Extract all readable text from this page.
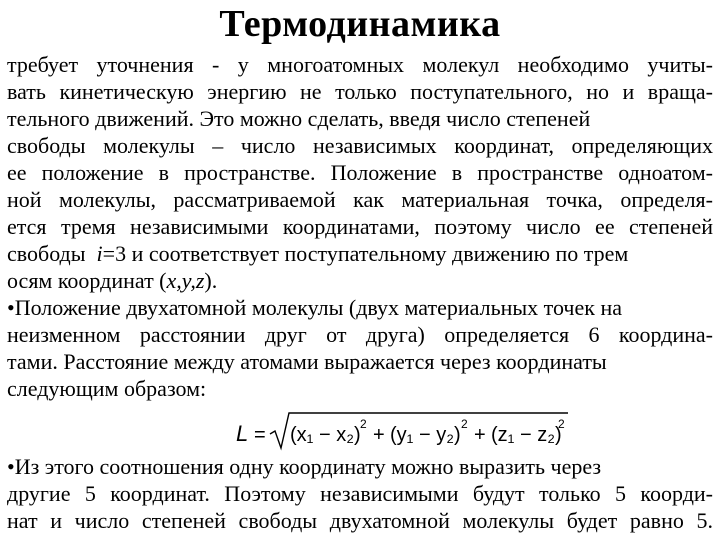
Термодинамика
требует уточнения - у многоатомных молекул необходимо учиты-
вать кинетическую энергию не только поступательного, но и враща-
тельного движений. Это можно сделать, введя число степеней
свободы молекулы – число независимых координат, определяющих
ее положение в пространстве. Положение в пространстве одноатом-
ной молекулы, рассматриваемой как материальная точка, определя-
ется тремя независимыми координатами, поэтому число ее степеней
свободы  i=3 и соответствует поступательному движению по трем
осям координат (x,y,z).
•Положение двухатомной молекулы (двух материальных точек на
неизменном расстоянии друг от друга) определяется 6 координа-
тами. Расстояние между атомами выражается через координаты
следующим образом:
L = (x₁ − x₂) 2 + (y₁ − y₂) 2 + (z₁ − z₂)
2
•Из этого соотношения одну координату можно выразить через
другие 5 координат. Поэтому независимыми будут только 5 коорди-
нат и число степеней свободы двухатомной молекулы будет равно 5.
